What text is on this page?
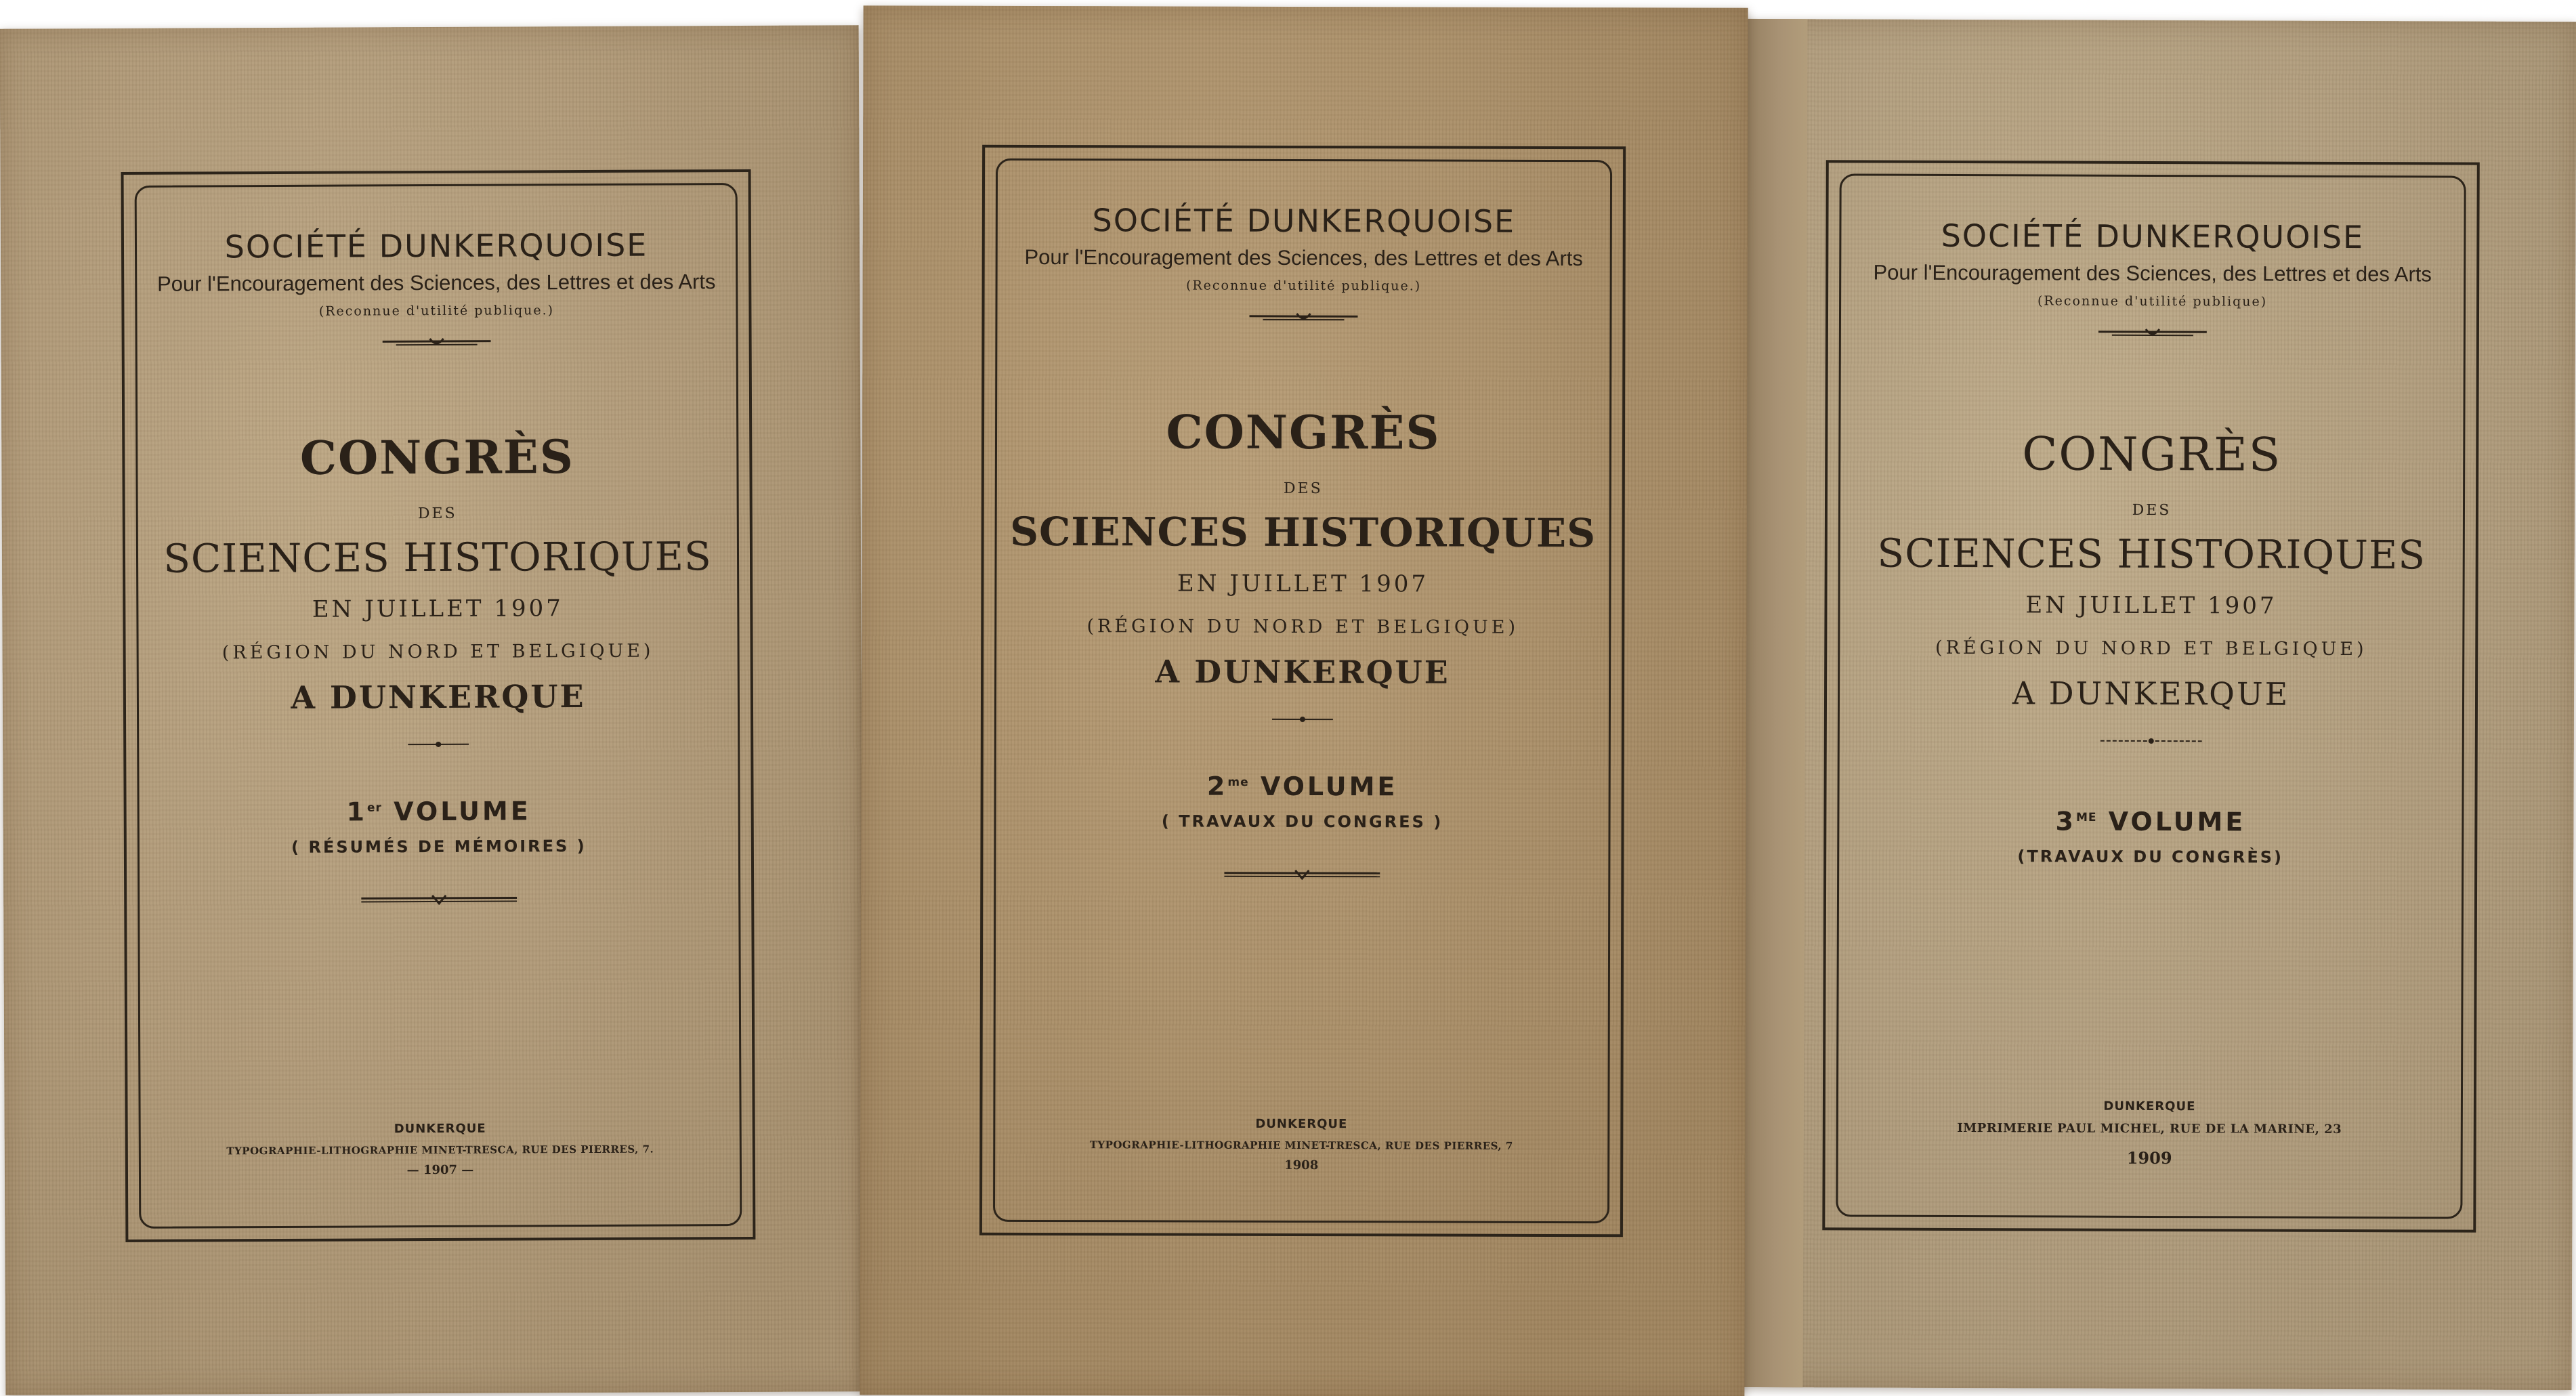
SOCIÉTÉ DUNKERQUOISE
Pour l'Encouragement des Sciences, des Lettres et des Arts
(Reconnue d'utilité publique.)
CONGRÈS
DES
SCIENCES HISTORIQUES
EN JUILLET 1907
(RÉGION DU NORD ET BELGIQUE)
A DUNKERQUE
1er VOLUME
( RÉSUMÉS DE MÉMOIRES )
DUNKERQUE
TYPOGRAPHIE-LITHOGRAPHIE MINET-TRESCA, RUE DES PIERRES, 7.
— 1907 —
SOCIÉTÉ DUNKERQUOISE
Pour l'Encouragement des Sciences, des Lettres et des Arts
(Reconnue d'utilité publique.)
CONGRÈS
DES
SCIENCES HISTORIQUES
EN JUILLET 1907
(RÉGION DU NORD ET BELGIQUE)
A DUNKERQUE
$2^{me}$ VOLUME
( TRAVAUX DU CONGRES )
DUNKERQUE
TYPOGRAPHIE-LITHOGRAPHIE MINET-TRESCA, RUE DES PIERRES, 7
1908
SOCIÉTÉ DUNKERQUOISE
Pour l'Encouragement des Sciences, des Lettres et des Arts
(Reconnue d'utilité publique)
CONGRÈS
DES
SCIENCES HISTORIQUES
EN JUILLET 1907
(RÉGION DU NORD ET BELGIQUE)
A DUNKERQUE
$3^{ME}$ VOLUME
(TRAVAUX DU CONGRÈS)
DUNKERQUE
IMPRIMERIE PAUL MICHEL, RUE DE LA MARINE, 23
1909
